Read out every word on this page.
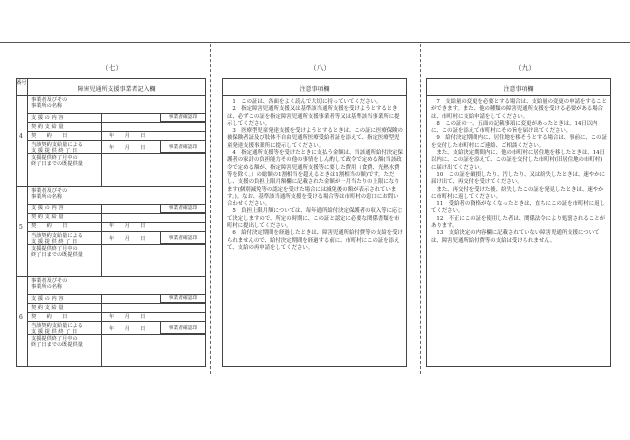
（七）	（八）	（九）
番号
障害児通所支援事業者記入欄
4
事業者及びその
事業所の名称
支 援 の 内 容
契 約 支 給 量
契　　約　　日
当該契約支給量による
支 援 提 供 終 了 日
支援提供終了月中の
終了日までの既提供量
年　　月　　日
年　　月　　日
事業者確認印
事業者確認印
5
事業者及びその
事業所の名称
支 援 の 内 容
契 約 支 給 量
契　　約　　日
当該契約支給量による
支 援 提 供 終 了 日
支援提供終了月中の
終了日までの既提供量
年　　月　　日
年　　月　　日
事業者確認印
事業者確認印
6
事業者及びその
事業所の名称
支 援 の 内 容
契 約 支 給 量
契　　約　　日
当該契約支給量による
支 援 提 供 終 了 日
支援提供終了月中の
終了日までの既提供量
年　　月　　日
年　　月　　日
事業者確認印
事業者確認印
注意事項欄

　1　この証は、各面をよく読んで大切に持っていてください。

　2　指定障害児通所支援又は基準該当通所支援を受けようとするときは、必ずこの証を指定障害児通所支援事業者等又は基準該当事業所に提示してください。

　3　医療型児童発達支援を受けようとするときは、この証に医療保険の被保険者証及び肢体不自由児通所医療受給者証を添えて、指定医療型児童発達支援事業所に提示してください。

　4　指定通所支援等を受けたときに支払う金額は、当該通所給付決定保護者の家計の負担能力その他の事情をしん酌して政令で定める額(当該政令で定める額が、指定障害児通所支援等に要した費用（食費、光熱水費等を除く。）の総額の1割相当を超えるときは1割相当の額)です。ただし、支援の負担上限月額欄に記載された金額が一月当たりの上限になります(個別減免等の認定を受けた場合には減免後の額が表示されています。)。なお、基準該当通所支援を受ける場合等は市町村の窓口にお問い合わせください。

　5　負担上限月額については、毎年通所給付決定保護者の収入等に応じて決定しますので、所定の時期に、この証と認定に必要な関係書類を市町村に提出してください。

　6　給付決定期間を経過したときは、障害児通所給付費等の支給を受けられませんので、給付決定期間を経過する前に、市町村にこの証を添えて、支給の再申請をしてください。

注意事項欄

　7　支給量の変更を必要とする場合は、支給量の変更の申請をすることができます。また、他の種類の障害児通所支援を受ける必要がある場合は、市町村に支給申請をしてください。

　8　この証の一、五面の記載事項に変更があったときは、14日以内に、この証を添えて市町村にその旨を届け出てください。

　9　給付決定期間内に、居住地を移そうとする場合は、事前に、この証を交付した市町村にご連絡、ご相談ください。

　また、支給決定期間内に、他の市町村に居住地を移したときは、14日以内に、この証を添えて、この証を交付した市町村(旧居住地の市町村)に届け出てください。

　10　この証を破損したり、汚したり、又は紛失したときは、速やかに届け出て、再交付を受けてください。

　また、再交付を受けた後、紛失したこの証を発見したときは、速やかに市町村に返してください。

　11　受給者の資格がなくなったときは、直ちにこの証を市町村に返してください。

　12　不正にこの証を使用した者は、関係法令により処罰されることがあります。

　13　支給決定の内容欄に記載されていない障害児通所支援については、障害児通所給付費等の支給は受けられません。
